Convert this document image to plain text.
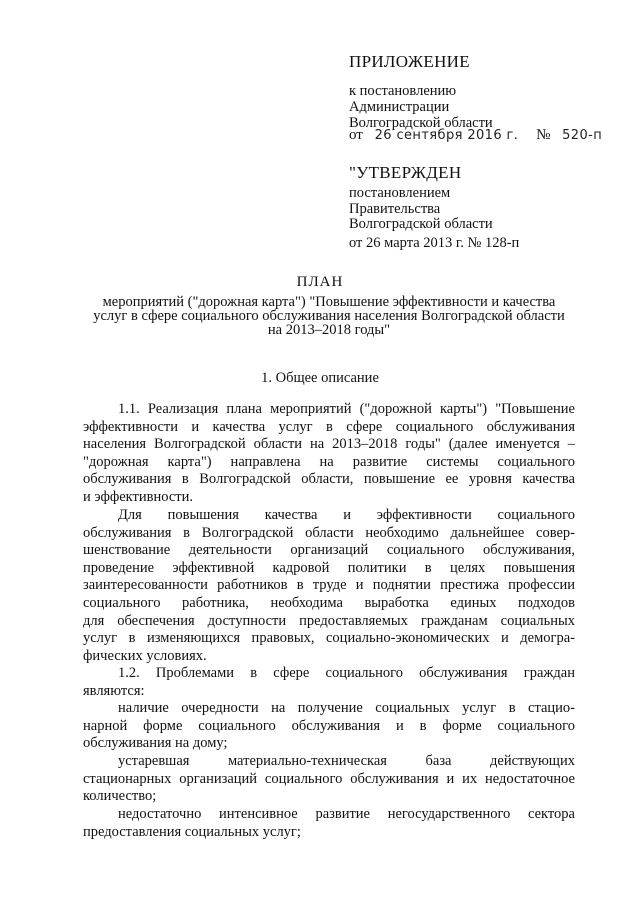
ПРИЛОЖЕНИЕ
к постановлению
Администрации
Волгоградской области
от 26 сентября 2016 г. № 520-п
"УТВЕРЖДЕН
постановлением
Правительства
Волгоградской области
от 26 марта 2013 г. № 128-п
ПЛАН
мероприятий ("дорожная карта") "Повышение эффективности и качества
услуг в сфере социального обслуживания населения Волгоградской области
на 2013–2018 годы"
1. Общее описание
1.1. Реализация плана мероприятий ("дорожной карты") "Повышение
эффективности и качества услуг в сфере социального обслуживания
населения Волгоградской области на 2013–2018 годы" (далее именуется –
"дорожная карта") направлена на развитие системы социального
обслуживания в Волгоградской области, повышение ее уровня качества
и эффективности.
Для повышения качества и эффективности социального
обслуживания в Волгоградской области необходимо дальнейшее совер-
шенствование деятельности организаций социального обслуживания,
проведение эффективной кадровой политики в целях повышения
заинтересованности работников в труде и поднятии престижа профессии
социального работника, необходима выработка единых подходов
для обеспечения доступности предоставляемых гражданам социальных
услуг в изменяющихся правовых, социально-экономических и демогра-
фических условиях.
1.2. Проблемами в сфере социального обслуживания граждан
являются:
наличие очередности на получение социальных услуг в стацио-
нарной форме социального обслуживания и в форме социального
обслуживания на дому;
устаревшая материально-техническая база действующих
стационарных организаций социального обслуживания и их недостаточное
количество;
недостаточно интенсивное развитие негосударственного сектора
предоставления социальных услуг;
